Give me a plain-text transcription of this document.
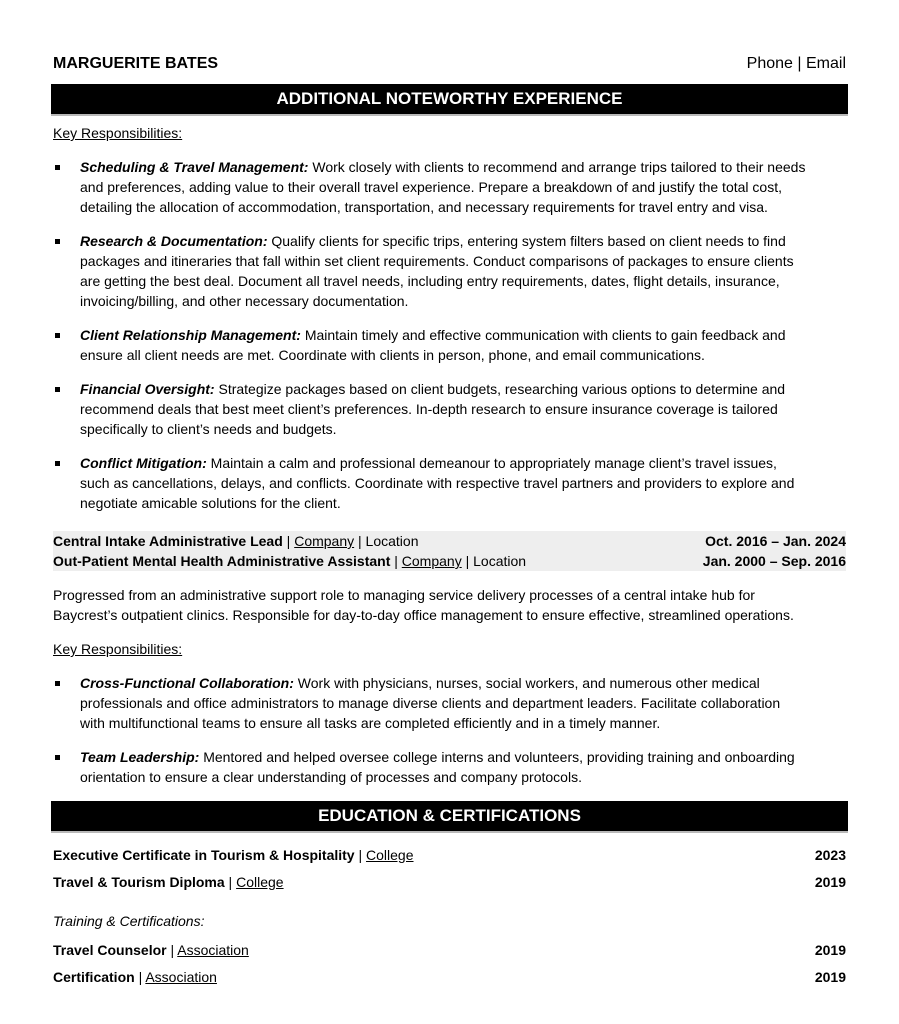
MARGUERITE BATES	Phone | Email
ADDITIONAL NOTEWORTHY EXPERIENCE
Key Responsibilities:
Scheduling & Travel Management: Work closely with clients to recommend and arrange trips tailored to their needs
and preferences, adding value to their overall travel experience. Prepare a breakdown of and justify the total cost,
detailing the allocation of accommodation, transportation, and necessary requirements for travel entry and visa.
Research & Documentation: Qualify clients for specific trips, entering system filters based on client needs to find
packages and itineraries that fall within set client requirements. Conduct comparisons of packages to ensure clients
are getting the best deal. Document all travel needs, including entry requirements, dates, flight details, insurance,
invoicing/billing, and other necessary documentation.
Client Relationship Management: Maintain timely and effective communication with clients to gain feedback and
ensure all client needs are met. Coordinate with clients in person, phone, and email communications.
Financial Oversight: Strategize packages based on client budgets, researching various options to determine and
recommend deals that best meet client’s preferences. In-depth research to ensure insurance coverage is tailored
specifically to client’s needs and budgets.
Conflict Mitigation: Maintain a calm and professional demeanour to appropriately manage client’s travel issues,
such as cancellations, delays, and conflicts. Coordinate with respective travel partners and providers to explore and
negotiate amicable solutions for the client.
Central Intake Administrative Lead | Company | Location	Oct. 2016 – Jan. 2024
Out-Patient Mental Health Administrative Assistant | Company | Location	Jan. 2000 – Sep. 2016
Progressed from an administrative support role to managing service delivery processes of a central intake hub for
Baycrest’s outpatient clinics. Responsible for day-to-day office management to ensure effective, streamlined operations.
Key Responsibilities:
Cross-Functional Collaboration: Work with physicians, nurses, social workers, and numerous other medical
professionals and office administrators to manage diverse clients and department leaders. Facilitate collaboration
with multifunctional teams to ensure all tasks are completed efficiently and in a timely manner.
Team Leadership: Mentored and helped oversee college interns and volunteers, providing training and onboarding
orientation to ensure a clear understanding of processes and company protocols.
EDUCATION & CERTIFICATIONS
Executive Certificate in Tourism & Hospitality | College	2023
Travel & Tourism Diploma | College	2019
Training & Certifications:
Travel Counselor | Association	2019
Certification | Association	2019
